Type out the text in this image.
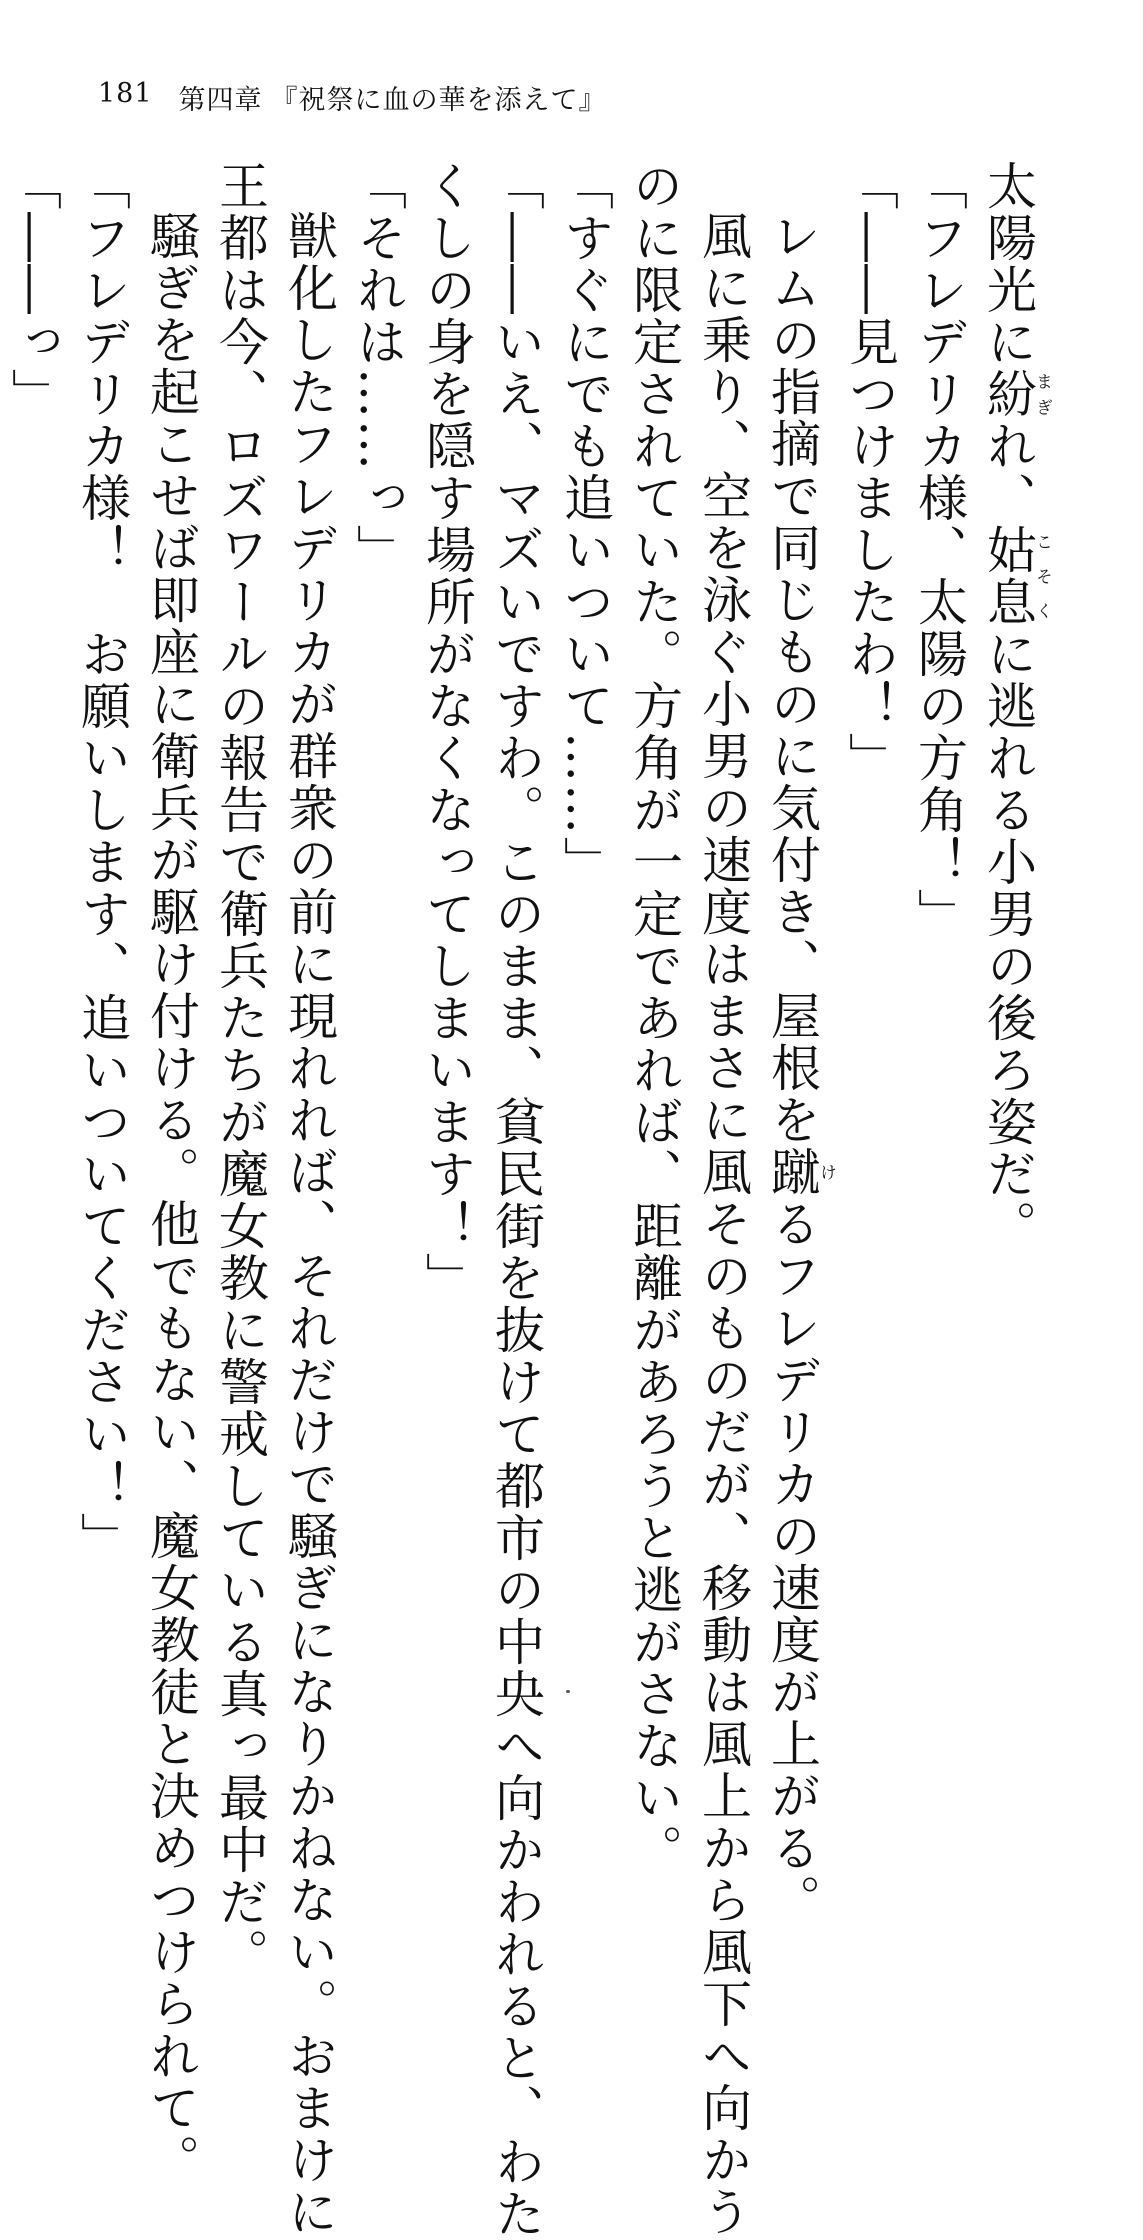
181 第四章 『祝祭に血の華を添えて』

太陽光に紛まぎれ、姑息こそくに逃れる小男の後ろ姿だ。

「フレデリカ様、太陽の方角！」

「――見つけましたわ！」

レムの指摘で同じものに気付き、屋根を蹴けるフレデリカの速度が上がる。

風に乗り、空を泳ぐ小男の速度はまさに風そのものだが、移動は風上から風下へ向かう

のに限定されていた。方角が一定であれば、距離があろうと逃がさない。

「すぐにでも追いついて……」

「――いえ、マズいですわ。このまま、貧民街を抜けて都市の中央へ向かわれると、わた

くしの身を隠す場所がなくなってしまいます！」

「それは……っ」

獣化したフレデリカが群衆の前に現れれば、それだけで騒ぎになりかねない。おまけに

王都は今、ロズワールの報告で衛兵たちが魔女教に警戒している真っ最中だ。

騒ぎを起こせば即座に衛兵が駆け付ける。他でもない、魔女教徒と決めつけられて。

「フレデリカ様！　お願いします、追いついてください！」

「――っ」
